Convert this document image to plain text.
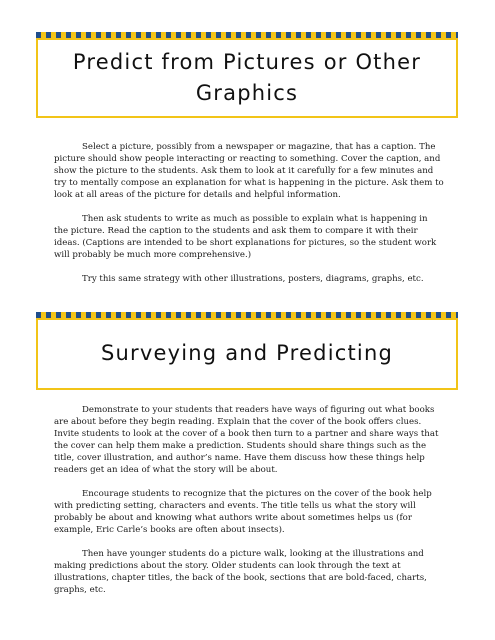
Predict from Pictures or Other
Graphics

Select a picture, possibly from a newspaper or magazine, that has a caption. The picture should show people interacting or reacting to something. Cover the caption, and show the picture to the students. Ask them to look at it carefully for a few minutes and try to mentally compose an explanation for what is happening in the picture. Ask them to look at all areas of the picture for details and helpful information.

Then ask students to write as much as possible to explain what is happening in the picture. Read the caption to the students and ask them to compare it with their ideas. (Captions are intended to be short explanations for pictures, so the student work will probably be much more comprehensive.)

Try this same strategy with other illustrations, posters, diagrams, graphs, etc.

Surveying and Predicting

Demonstrate to your students that readers have ways of figuring out what books are about before they begin reading. Explain that the cover of the book offers clues. Invite students to look at the cover of a book then turn to a partner and share ways that the cover can help them make a prediction. Students should share things such as the title, cover illustration, and author’s name. Have them discuss how these things help readers get an idea of what the story will be about.

Encourage students to recognize that the pictures on the cover of the book help with predicting setting, characters and events. The title tells us what the story will probably be about and knowing what authors write about sometimes helps us (for example, Eric Carle’s books are often about insects).

Then have younger students do a picture walk, looking at the illustrations and making predictions about the story. Older students can look through the text at illustrations, chapter titles, the back of the book, sections that are bold-faced, charts, graphs, etc.
